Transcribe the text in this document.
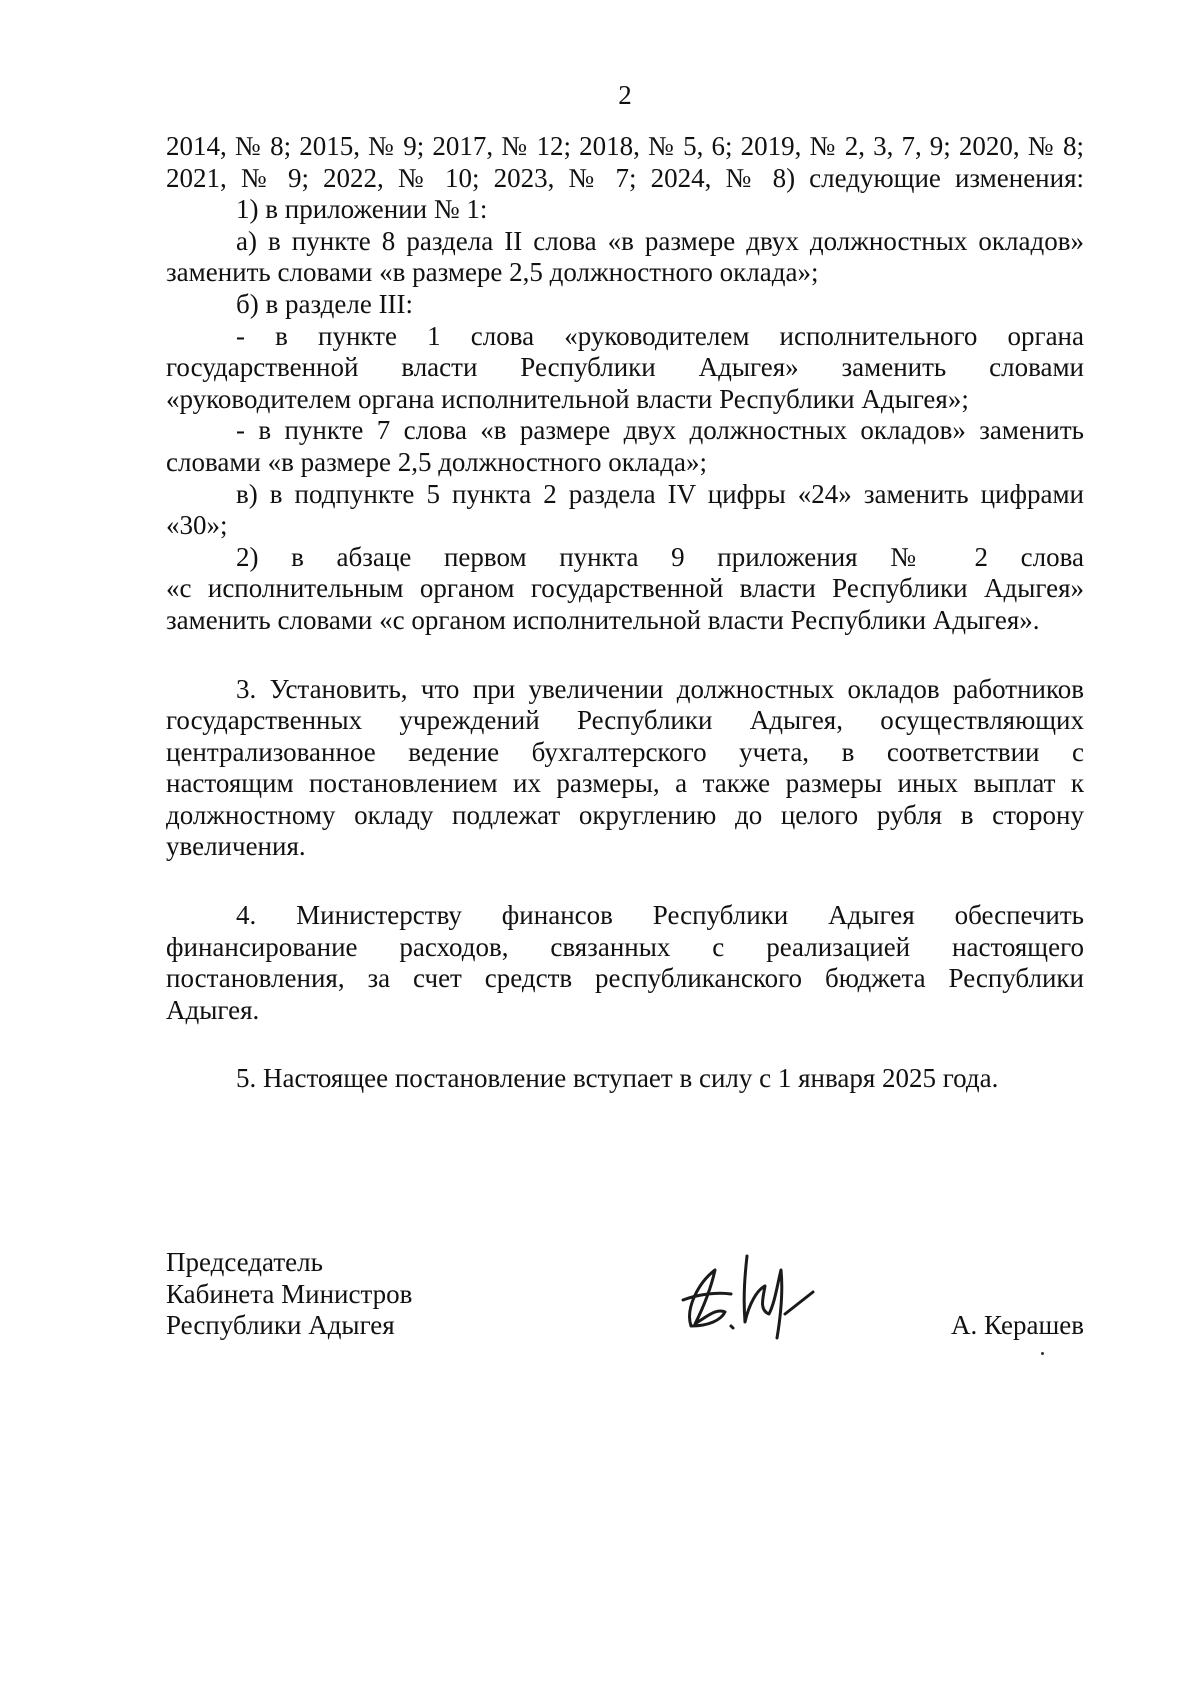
2
2014, № 8; 2015, № 9; 2017, № 12; 2018, № 5, 6; 2019, № 2, 3, 7, 9; 2020, № 8;
2021, № 9; 2022, № 10; 2023, № 7; 2024, № 8) следующие изменения:
1) в приложении № 1:
а) в пункте 8 раздела II слова «в размере двух должностных окладов»
заменить словами «в размере 2,5 должностного оклада»;
б) в разделе III:
- в пункте 1 слова «руководителем исполнительного органа
государственной власти Республики Адыгея» заменить словами
«руководителем органа исполнительной власти Республики Адыгея»;
- в пункте 7 слова «в размере двух должностных окладов» заменить
словами «в размере 2,5 должностного оклада»;
в) в подпункте 5 пункта 2 раздела IV цифры «24» заменить цифрами
«30»;
2) в абзаце первом пункта 9 приложения № 2 слова
«с исполнительным органом государственной власти Республики Адыгея»
заменить словами «с органом исполнительной власти Республики Адыгея».
3. Установить, что при увеличении должностных окладов работников
государственных учреждений Республики Адыгея, осуществляющих
централизованное ведение бухгалтерского учета, в соответствии с
настоящим постановлением их размеры, а также размеры иных выплат к
должностному окладу подлежат округлению до целого рубля в сторону
увеличения.
4. Министерству финансов Республики Адыгея обеспечить
финансирование расходов, связанных с реализацией настоящего
постановления, за счет средств республиканского бюджета Республики
Адыгея.
5. Настоящее постановление вступает в силу с 1 января 2025 года.
Председатель
Кабинета Министров
Республики Адыгея	А. Керашев
